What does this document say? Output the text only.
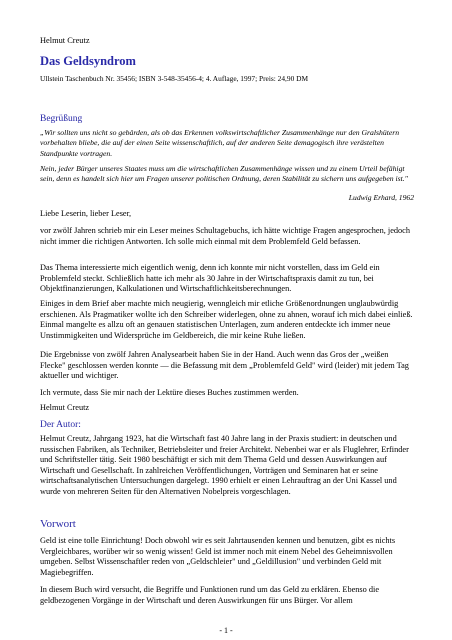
Helmut Creutz

Das Geldsyndrom

Ullstein Taschenbuch Nr. 35456; ISBN 3-548-35456-4; 4. Auflage, 1997; Preis: 24,90 DM

Begrüßung

„Wir sollten uns nicht so gebärden, als ob das Erkennen volkswirtschaftlicher Zusammenhänge nur den Gralshütern vorbehalten bliebe, die auf der einen Seite wissenschaftlich, auf der anderen Seite demagogisch ihre verästelten Standpunkte vortragen.

Nein, jeder Bürger unseres Staates muss um die wirtschaftlichen Zusammenhänge wissen und zu einem Urteil befähigt sein, denn es handelt sich hier um Fragen unserer politischen Ordnung, deren Stabilität zu sichern uns aufgegeben ist."

Ludwig Erhard, 1962

Liebe Leserin, lieber Leser,

vor zwölf Jahren schrieb mir ein Leser meines Schultagebuchs, ich hätte wichtige Fragen angesprochen, jedoch nicht immer die richtigen Antworten. Ich solle mich einmal mit dem Problemfeld Geld befassen.

Das Thema interessierte mich eigentlich wenig, denn ich konnte mir nicht vorstellen, dass im Geld ein Problemfeld steckt. Schließlich hatte ich mehr als 30 Jahre in der Wirtschaftspraxis damit zu tun, bei Objektfinanzierungen, Kalkulationen und Wirtschaftlichkeitsberechnungen.

Einiges in dem Brief aber machte mich neugierig, wenngleich mir etliche Größenordnungen unglaubwürdig erschienen. Als Pragmatiker wollte ich den Schreiber widerlegen, ohne zu ahnen, worauf ich mich dabei einließ. Einmal mangelte es allzu oft an genauen statistischen Unterlagen, zum anderen entdeckte ich immer neue Unstimmigkeiten und Widersprüche im Geldbereich, die mir keine Ruhe ließen.

Die Ergebnisse von zwölf Jahren Analysearbeit haben Sie in der Hand. Auch wenn das Gros der „weißen Flecke" geschlossen werden konnte — die Befassung mit dem „Problemfeld Geld" wird (leider) mit jedem Tag aktueller und wichtiger.

Ich vermute, dass Sie mir nach der Lektüre dieses Buches zustimmen werden.

Helmut Creutz

Der Autor:

Helmut Creutz, Jahrgang 1923, hat die Wirtschaft fast 40 Jahre lang in der Praxis studiert: in deutschen und russischen Fabriken, als Techniker, Betriebsleiter und freier Architekt. Nebenbei war er als Fluglehrer, Erfinder und Schriftsteller tätig. Seit 1980 beschäftigt er sich mit dem Thema Geld und dessen Auswirkungen auf Wirtschaft und Gesellschaft. In zahlreichen Veröffentlichungen, Vorträgen und Seminaren hat er seine wirtschaftsanalytischen Untersuchungen dargelegt. 1990 erhielt er einen Lehrauftrag an der Uni Kassel und wurde von mehreren Seiten für den Alternativen Nobelpreis vorgeschlagen.

Vorwort

Geld ist eine tolle Einrichtung! Doch obwohl wir es seit Jahrtausenden kennen und benutzen, gibt es nichts Vergleichbares, worüber wir so wenig wissen! Geld ist immer noch mit einem Nebel des Geheimnisvollen umgeben. Selbst Wissenschaftler reden von „Geldschleier" und „Geldillusion" und verbinden Geld mit Magiebegriffen.

In diesem Buch wird versucht, die Begriffe und Funktionen rund um das Geld zu erklären. Ebenso die geldbezogenen Vorgänge in der Wirtschaft und deren Auswirkungen für uns Bürger. Vor allem

- 1 -
